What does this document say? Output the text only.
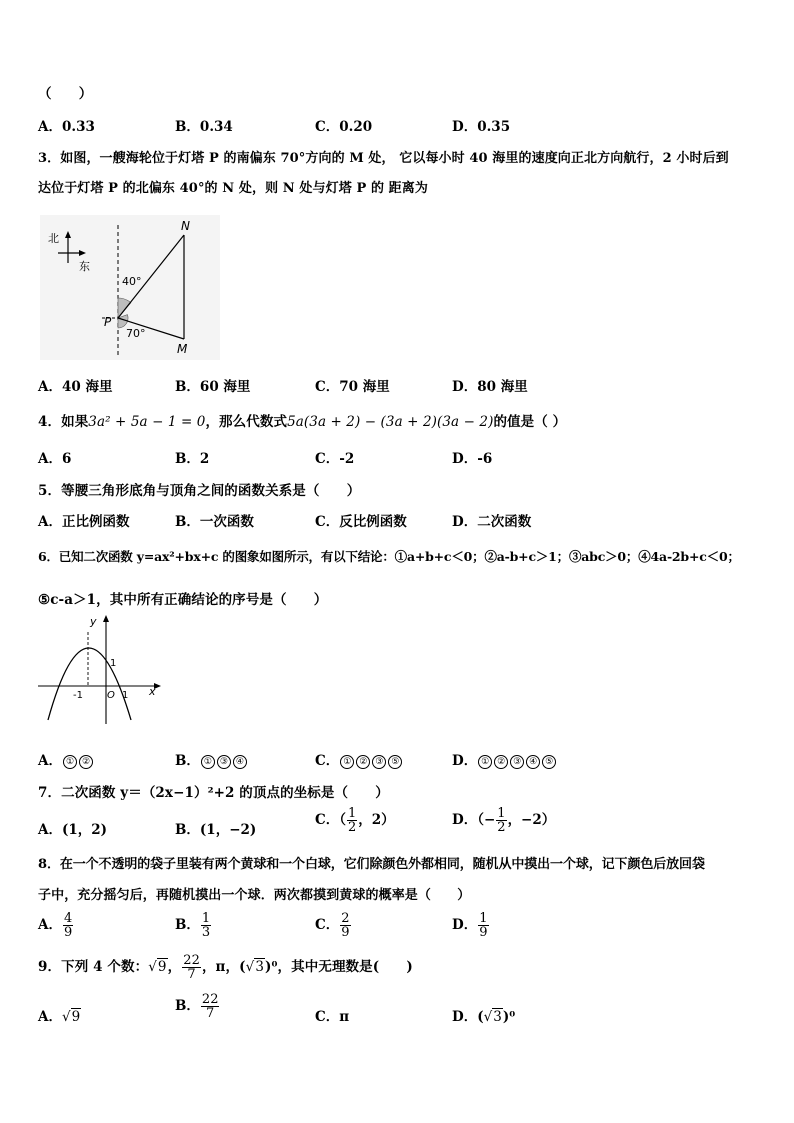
（　　）
A．0.33	B．0.34	C．0.20	D．0.35
3．如图，一艘海轮位于灯塔 P 的南偏东 70°方向的 M 处， 它以每小时 40 海里的速度向正北方向航行，2 小时后到
达位于灯塔 P 的北偏东 40°的 N 处，则 N 处与灯塔 P 的 距离为
北
东
N
M
P
40°
70°
A．40 海里	B．60 海里	C．70 海里	D．80 海里
4．如果3a² + 5a − 1 = 0，那么代数式5a(3a + 2) − (3a + 2)(3a − 2)的值是（ ）
A．6	B．2	C．-2	D．-6
5．等腰三角形底角与顶角之间的函数关系是（　　）
A．正比例函数	B．一次函数	C．反比例函数	D．二次函数
6．已知二次函数 y=ax²+bx+c 的图象如图所示，有以下结论：①a+b+c＜0；②a-b+c＞1；③abc＞0；④4a-2b+c＜0；
⑤c-a＞1，其中所有正确结论的序号是（　　）
y
x
1
-1 O 1
A． ① ②	B． ① ③ ④	C． ① ② ③ ⑤	D． ① ② ③ ④ ⑤
7．二次函数 y＝（2x−1）²+2 的顶点的坐标是（　　）
A．(1，2)	B．(1，−2)
C．（ $\frac{1}{2}$ ，2）	D．（− $\frac{1}{2}$ ，−2）
8．在一个不透明的袋子里装有两个黄球和一个白球，它们除颜色外都相同，随机从中摸出一个球，记下颜色后放回袋
子中，充分摇匀后，再随机摸出一个球．两次都摸到黄球的概率是（　　）
A． $\frac{4}{9}$	B． $\frac{1}{3}$	C． $\frac{2}{9}$	D． $\frac{1}{9}$
9．下列 4 个数：√9， $\frac{22}{7}$ ，π，(√3)⁰，其中无理数是(　　)
A．√9
B． $\frac{22}{7}$	C．π	D．(√3)⁰
